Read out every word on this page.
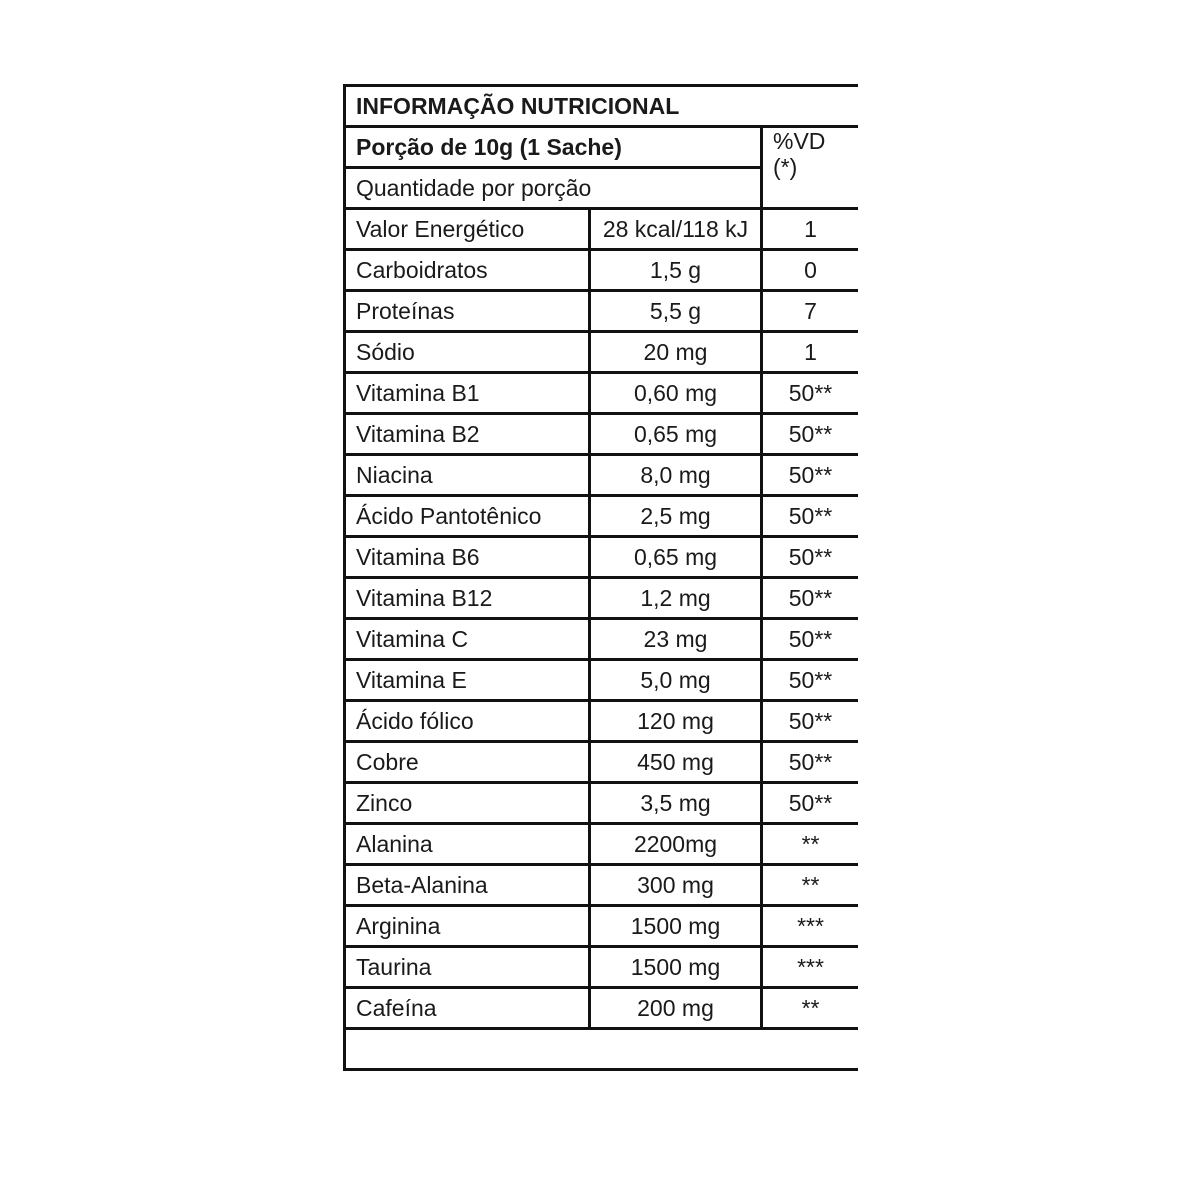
INFORMAÇÃO NUTRICIONAL		
Porção de 10g (1 Sache)		%VD
(*)

Quantidade por porção		
Valor Energético	28 kcal/118 kJ	1
Carboidratos	1,5 g	0
Proteínas	5,5 g	7
Sódio	20 mg	1
Vitamina B1	0,60 mg	50**
Vitamina B2	0,65 mg	50**
Niacina	8,0 mg	50**
Ácido Pantotênico	2,5 mg	50**
Vitamina B6	0,65 mg	50**
Vitamina B12	1,2 mg	50**
Vitamina C	23 mg	50**
Vitamina E	5,0 mg	50**
Ácido fólico	120 mg	50**
Cobre	450 mg	50**
Zinco	3,5 mg	50**
Alanina	2200mg	**
Beta-Alanina	300 mg	**
Arginina	1500 mg	***
Taurina	1500 mg	***
Cafeína	200 mg	**
